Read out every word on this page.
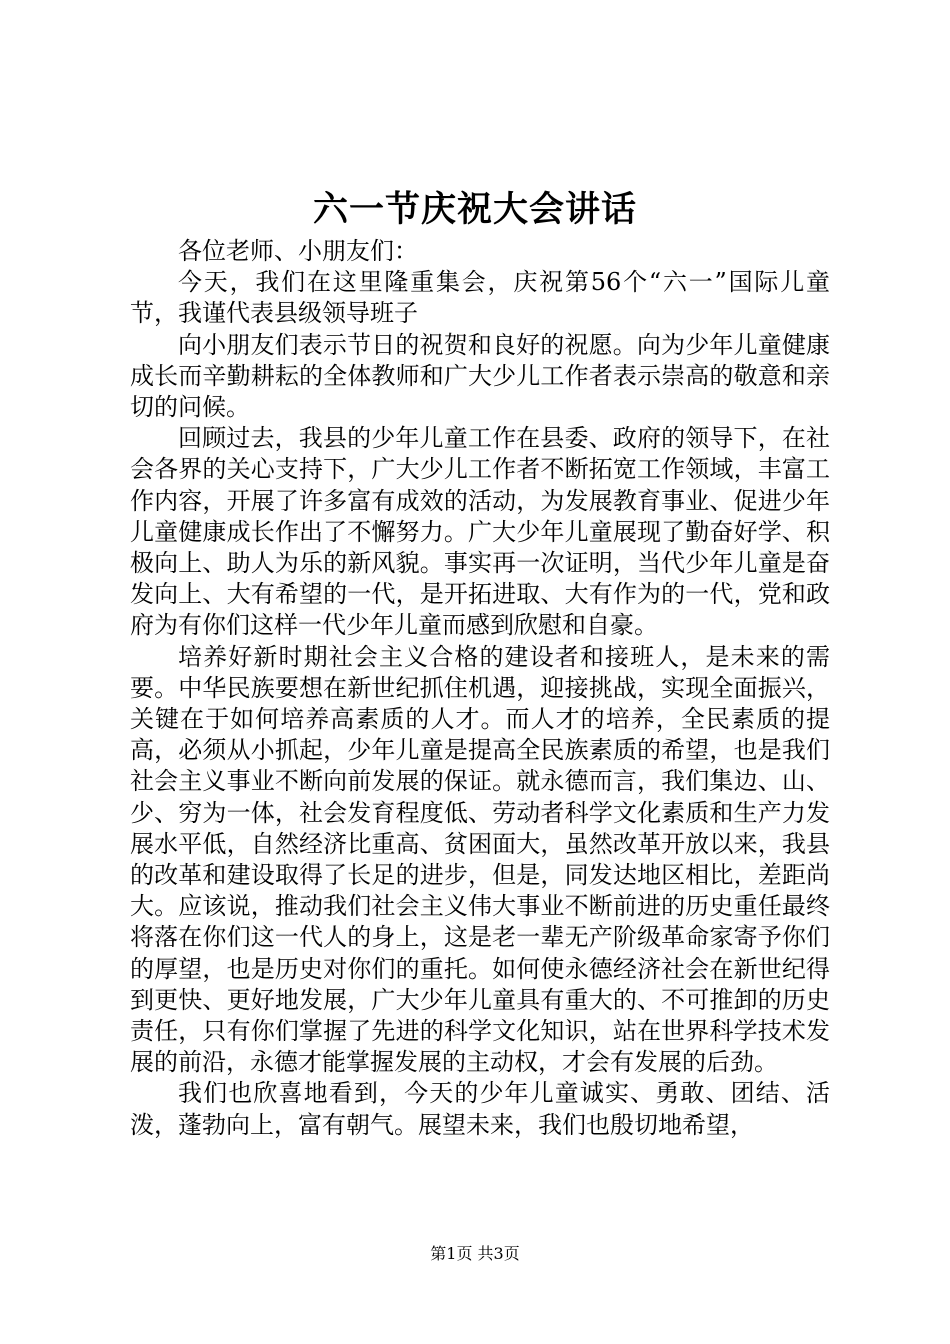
六一节庆祝大会讲话

各位老师、小朋友们：

今天，我们在这里隆重集会，庆祝第56个“六一”国际儿童节，我谨代表县级领导班子

向小朋友们表示节日的祝贺和良好的祝愿。向为少年儿童健康成长而辛勤耕耘的全体教师和广大少儿工作者表示崇高的敬意和亲切的问候。

回顾过去，我县的少年儿童工作在县委、政府的领导下，在社会各界的关心支持下，广大少儿工作者不断拓宽工作领域，丰富工作内容，开展了许多富有成效的活动，为发展教育事业、促进少年儿童健康成长作出了不懈努力。广大少年儿童展现了勤奋好学、积极向上、助人为乐的新风貌。事实再一次证明，当代少年儿童是奋发向上、大有希望的一代，是开拓进取、大有作为的一代，党和政府为有你们这样一代少年儿童而感到欣慰和自豪。

培养好新时期社会主义合格的建设者和接班人，是未来的需要。中华民族要想在新世纪抓住机遇，迎接挑战，实现全面振兴，关键在于如何培养高素质的人才。而人才的培养，全民素质的提高，必须从小抓起，少年儿童是提高全民族素质的希望，也是我们社会主义事业不断向前发展的保证。就永德而言，我们集边、山、少、穷为一体，社会发育程度低、劳动者科学文化素质和生产力发展水平低，自然经济比重高、贫困面大，虽然改革开放以来，我县的改革和建设取得了长足的进步，但是，同发达地区相比，差距尚大。应该说，推动我们社会主义伟大事业不断前进的历史重任最终将落在你们这一代人的身上，这是老一辈无产阶级革命家寄予你们的厚望，也是历史对你们的重托。如何使永德经济社会在新世纪得到更快、更好地发展，广大少年儿童具有重大的、不可推卸的历史责任，只有你们掌握了先进的科学文化知识，站在世界科学技术发展的前沿，永德才能掌握发展的主动权，才会有发展的后劲。

我们也欣喜地看到，今天的少年儿童诚实、勇敢、团结、活泼，蓬勃向上，富有朝气。展望未来，我们也殷切地希望，

第1页 共3页
